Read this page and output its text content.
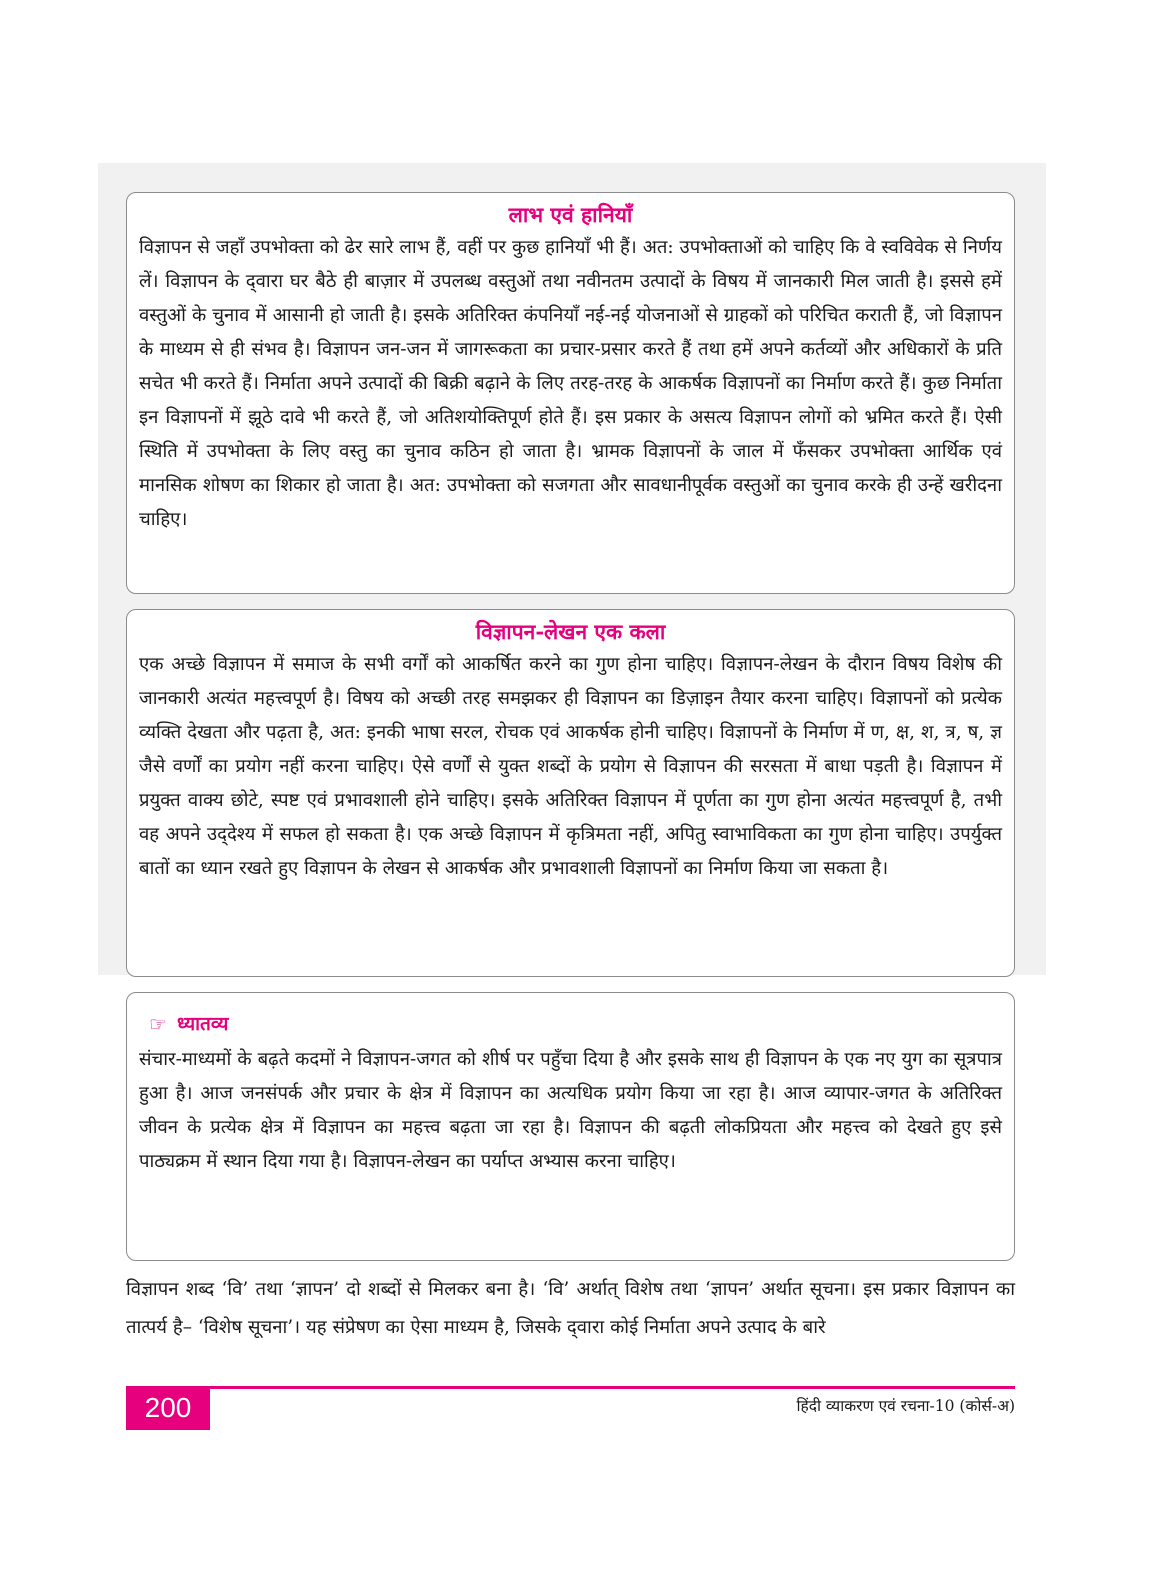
लाभ एवं हानियाँ

विज्ञापन से जहाँ उपभोक्ता को ढेर सारे लाभ हैं, वहीं पर कुछ हानियाँ भी हैं। अत: उपभोक्ताओं को चाहिए कि वे स्वविवेक से निर्णय लें। विज्ञापन के द्‌वारा घर बैठे ही बाज़ार में उपलब्ध वस्तुओं तथा नवीनतम उत्पादों के विषय में जानकारी मिल जाती है। इससे हमें वस्तुओं के चुनाव में आसानी हो जाती है। इसके अतिरिक्त कंपनियाँ नई-नई योजनाओं से ग्राहकों को परिचित कराती हैं, जो विज्ञापन के माध्यम से ही संभव है। विज्ञापन जन-जन में जागरूकता का प्रचार-प्रसार करते हैं तथा हमें अपने कर्तव्यों और अधिकारों के प्रति सचेत भी करते हैं। निर्माता अपने उत्पादों की बिक्री बढ़ाने के लिए तरह-तरह के आकर्षक विज्ञापनों का निर्माण करते हैं। कुछ निर्माता इन विज्ञापनों में झूठे दावे भी करते हैं, जो अतिशयोक्तिपूर्ण होते हैं। इस प्रकार के असत्य विज्ञापन लोगों को भ्रमित करते हैं। ऐसी स्थिति में उपभोक्ता के लिए वस्तु का चुनाव कठिन हो जाता है। भ्रामक विज्ञापनों के जाल में फँसकर उपभोक्ता आर्थिक एवं मानसिक शोषण का शिकार हो जाता है। अत: उपभोक्ता को सजगता और सावधानीपूर्वक वस्तुओं का चुनाव करके ही उन्हें खरीदना चाहिए।

विज्ञापन-लेखन एक कला

एक अच्छे विज्ञापन में समाज के सभी वर्गों को आकर्षित करने का गुण होना चाहिए। विज्ञापन-लेखन के दौरान विषय विशेष की जानकारी अत्यंत महत्त्वपूर्ण है। विषय को अच्छी तरह समझकर ही विज्ञापन का डिज़ाइन तैयार करना चाहिए। विज्ञापनों को प्रत्येक व्यक्ति देखता और पढ़ता है, अत: इनकी भाषा सरल, रोचक एवं आकर्षक होनी चाहिए। विज्ञापनों के निर्माण में ण, क्ष, श, त्र, ष, ज्ञ जैसे वर्णों का प्रयोग नहीं करना चाहिए। ऐसे वर्णों से युक्त शब्दों के प्रयोग से विज्ञापन की सरसता में बाधा पड़ती है। विज्ञापन में प्रयुक्त वाक्य छोटे, स्पष्ट एवं प्रभावशाली होने चाहिए। इसके अतिरिक्त विज्ञापन में पूर्णता का गुण होना अत्यंत महत्त्वपूर्ण है, तभी वह अपने उद्‌देश्य में सफल हो सकता है। एक अच्छे विज्ञापन में कृत्रिमता नहीं, अपितु स्वाभाविकता का गुण होना चाहिए। उपर्युक्त बातों का ध्यान रखते हुए विज्ञापन के लेखन से आकर्षक और प्रभावशाली विज्ञापनों का निर्माण किया जा सकता है।

☞ ध्यातव्य

संचार-माध्यमों के बढ़ते कदमों ने विज्ञापन-जगत को शीर्ष पर पहुँचा दिया है और इसके साथ ही विज्ञापन के एक नए युग का सूत्रपात्र हुआ है। आज जनसंपर्क और प्रचार के क्षेत्र में विज्ञापन का अत्यधिक प्रयोग किया जा रहा है। आज व्यापार-जगत के अतिरिक्त जीवन के प्रत्येक क्षेत्र में विज्ञापन का महत्त्व बढ़ता जा रहा है। विज्ञापन की बढ़ती लोकप्रियता और महत्त्व को देखते हुए इसे पाठ्यक्रम में स्थान दिया गया है। विज्ञापन-लेखन का पर्याप्त अभ्यास करना चाहिए।

विज्ञापन शब्द ‘वि’ तथा ‘ज्ञापन’ दो शब्दों से मिलकर बना है। ‘वि’ अर्थात् विशेष तथा ‘ज्ञापन’ अर्थात सूचना। इस प्रकार विज्ञापन का तात्पर्य है– ‘विशेष सूचना’। यह संप्रेषण का ऐसा माध्यम है, जिसके द्‌वारा कोई निर्माता अपने उत्पाद के बारे

200	हिंदी व्याकरण एवं रचना-10 (कोर्स-अ)
